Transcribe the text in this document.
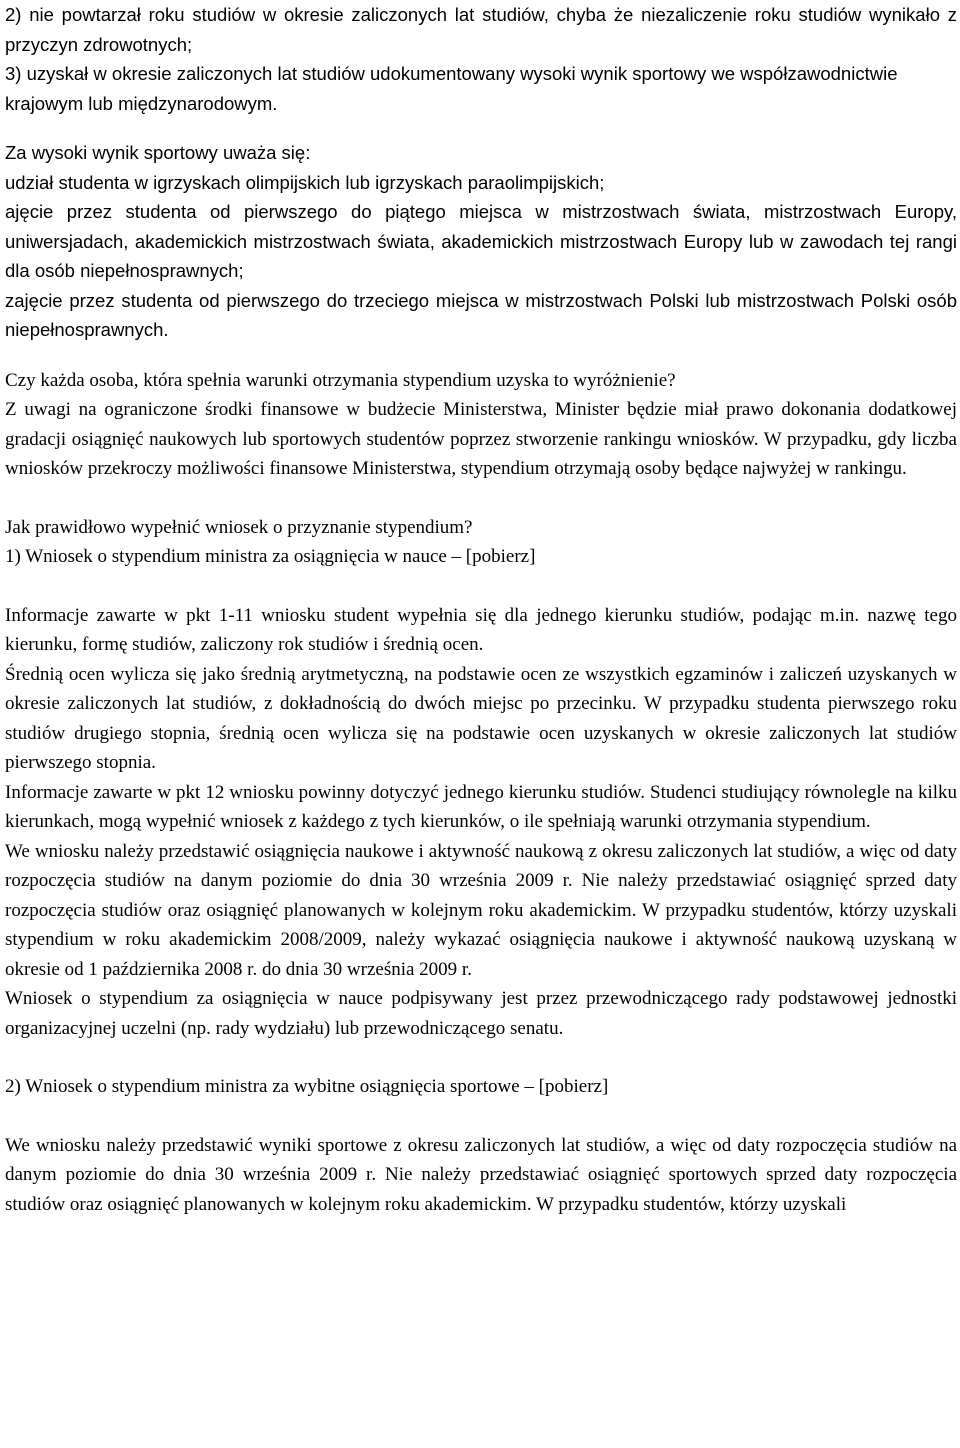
2) nie powtarzał roku studiów w okresie zaliczonych lat studiów, chyba że niezaliczenie roku studiów wynikało z przyczyn zdrowotnych;

3) uzyskał w okresie zaliczonych lat studiów udokumentowany wysoki wynik sportowy we współzawodnictwie krajowym lub międzynarodowym.

Za wysoki wynik sportowy uważa się:

udział studenta w igrzyskach olimpijskich lub igrzyskach paraolimpijskich;

ajęcie przez studenta od pierwszego do piątego miejsca w mistrzostwach świata, mistrzostwach Europy, uniwersjadach, akademickich mistrzostwach świata, akademickich mistrzostwach Europy lub w zawodach tej rangi dla osób niepełnosprawnych;

zajęcie przez studenta od pierwszego do trzeciego miejsca w mistrzostwach Polski lub mistrzostwach Polski osób niepełnosprawnych.

Czy każda osoba, która spełnia warunki otrzymania stypendium uzyska to wyróżnienie?

Z uwagi na ograniczone środki finansowe w budżecie Ministerstwa, Minister będzie miał prawo dokonania dodatkowej gradacji osiągnięć naukowych lub sportowych studentów poprzez stworzenie rankingu wniosków. W przypadku, gdy liczba wniosków przekroczy możliwości finansowe Ministerstwa, stypendium otrzymają osoby będące najwyżej w rankingu.

Jak prawidłowo wypełnić wniosek o przyznanie stypendium?

1) Wniosek o stypendium ministra za osiągnięcia w nauce – [pobierz]

Informacje zawarte w pkt 1-11 wniosku student wypełnia się dla jednego kierunku studiów, podając m.in. nazwę tego kierunku, formę studiów, zaliczony rok studiów i średnią ocen.

Średnią ocen wylicza się jako średnią arytmetyczną, na podstawie ocen ze wszystkich egzaminów i zaliczeń uzyskanych w okresie zaliczonych lat studiów, z dokładnością do dwóch miejsc po przecinku. W przypadku studenta pierwszego roku studiów drugiego stopnia, średnią ocen wylicza się na podstawie ocen uzyskanych w okresie zaliczonych lat studiów pierwszego stopnia.

Informacje zawarte w pkt 12 wniosku powinny dotyczyć jednego kierunku studiów. Studenci studiujący równolegle na kilku kierunkach, mogą wypełnić wniosek z każdego z tych kierunków, o ile spełniają warunki otrzymania stypendium.

We wniosku należy przedstawić osiągnięcia naukowe i aktywność naukową z okresu zaliczonych lat studiów, a więc od daty rozpoczęcia studiów na danym poziomie do dnia 30 września 2009 r. Nie należy przedstawiać osiągnięć sprzed daty rozpoczęcia studiów oraz osiągnięć planowanych w kolejnym roku akademickim. W przypadku studentów, którzy uzyskali stypendium w roku akademickim 2008/2009, należy wykazać osiągnięcia naukowe i aktywność naukową uzyskaną w okresie od 1 października 2008 r. do dnia 30 września 2009 r.

Wniosek o stypendium za osiągnięcia w nauce podpisywany jest przez przewodniczącego rady podstawowej jednostki organizacyjnej uczelni (np. rady wydziału) lub przewodniczącego senatu.

2) Wniosek o stypendium ministra za wybitne osiągnięcia sportowe – [pobierz]

We wniosku należy przedstawić wyniki sportowe z okresu zaliczonych lat studiów, a więc od daty rozpoczęcia studiów na danym poziomie do dnia 30 września 2009 r. Nie należy przedstawiać osiągnięć sportowych sprzed daty rozpoczęcia studiów oraz osiągnięć planowanych w kolejnym roku akademickim. W przypadku studentów, którzy uzyskali
